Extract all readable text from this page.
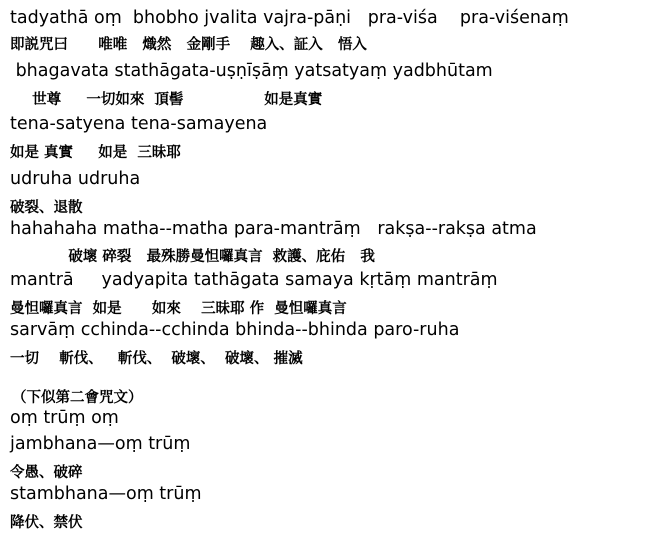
tadyathā oṃ  bhobho jvalita vajra-pāṇi   pra-viśa    pra-viśenaṃ
即説咒曰      唯唯   熾然   金剛手    趣入、証入   悟入
bhagavata stathāgata-uṣṇīṣāṃ yatsatyaṃ yadbhūtam
世尊     一切如來  頂髻                如是真實
tena-satyena tena-samayena
如是 真實     如是  三昧耶
udruha udruha
破裂、退散
hahahaha matha--matha para-mantrāṃ   rakṣa--rakṣa atma
破壞 碎裂   最殊勝曼怛囉真言  救護、庇佑   我
mantrā     yadyapita tathāgata samaya kṛtāṃ mantrāṃ
曼怛囉真言  如是      如來    三昧耶 作  曼怛囉真言
sarvāṃ cchinda--cchinda bhinda--bhinda paro-ruha
一切    斬伐、   斬伐、  破壞、  破壞、 摧滅
（下似第二會咒文）
oṃ trūṃ oṃ
jambhana—oṃ trūṃ
令愚、破碎
stambhana—oṃ trūṃ
降伏、禁伏
